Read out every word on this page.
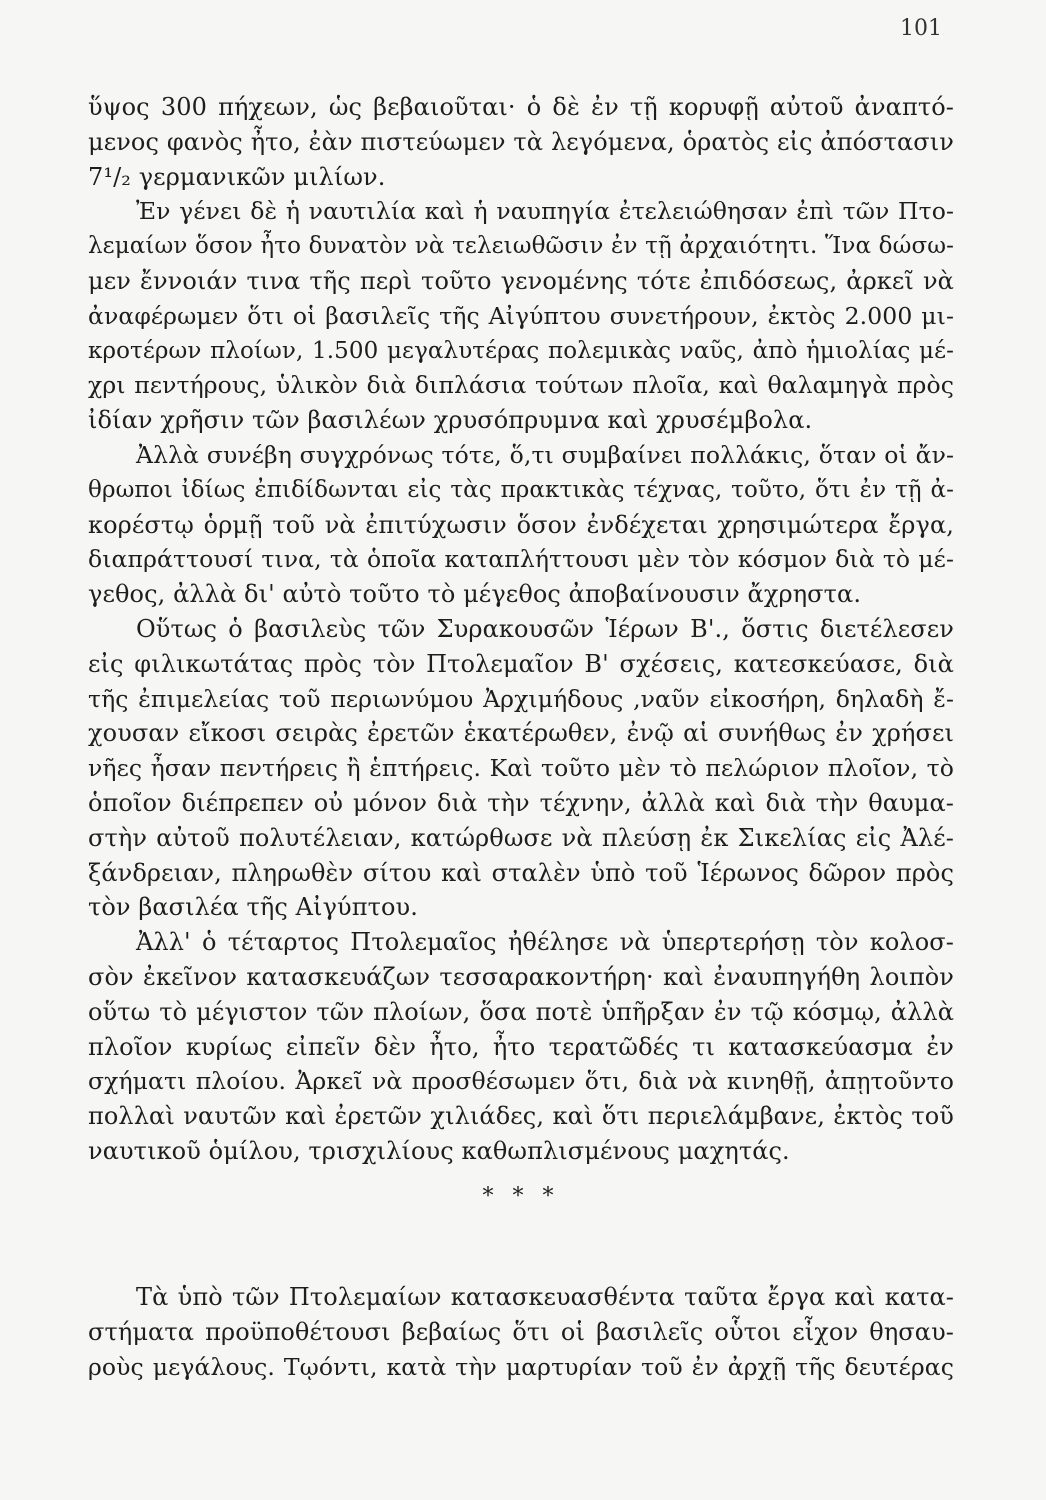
101
ὕψος 300 πήχεων, ὡς βεβαιοῦται· ὁ δὲ ἐν τῇ κορυφῇ αὐτοῦ ἀναπτό-
μενος φανὸς ἦτο, ἐὰν πιστεύωμεν τὰ λεγόμενα, ὁρατὸς εἰς ἀπόστασιν
7¹/₂ γερμανικῶν μιλίων.
Ἐν γένει δὲ ἡ ναυτιλία καὶ ἡ ναυπηγία ἐτελειώθησαν ἐπὶ τῶν Πτο-
λεμαίων ὅσον ἦτο δυνατὸν νὰ τελειωθῶσιν ἐν τῇ ἀρχαιότητι. Ἵνα δώσω-
μεν ἔννοιάν τινα τῆς περὶ τοῦτο γενομένης τότε ἐπιδόσεως, ἀρκεῖ νὰ
ἀναφέρωμεν ὅτι οἱ βασιλεῖς τῆς Αἰγύπτου συνετήρουν, ἐκτὸς 2.000 μι-
κροτέρων πλοίων, 1.500 μεγαλυτέρας πολεμικὰς ναῦς, ἀπὸ ἡμιολίας μέ-
χρι πεντήρους, ὑλικὸν διὰ διπλάσια τούτων πλοῖα, καὶ θαλαμηγὰ πρὸς
ἰδίαν χρῆσιν τῶν βασιλέων χρυσόπρυμνα καὶ χρυσέμβολα.
Ἀλλὰ συνέβη συγχρόνως τότε, ὅ,τι συμβαίνει πολλάκις, ὅταν οἱ ἄν-
θρωποι ἰδίως ἐπιδίδωνται εἰς τὰς πρακτικὰς τέχνας, τοῦτο, ὅτι ἐν τῇ ἀ-
κορέστῳ ὁρμῇ τοῦ νὰ ἐπιτύχωσιν ὅσον ἐνδέχεται χρησιμώτερα ἔργα,
διαπράττουσί τινα, τὰ ὁποῖα καταπλήττουσι μὲν τὸν κόσμον διὰ τὸ μέ-
γεθος, ἀλλὰ δι' αὐτὸ τοῦτο τὸ μέγεθος ἀποβαίνουσιν ἄχρηστα.
Οὕτως ὁ βασιλεὺς τῶν Συρακουσῶν Ἱέρων Β'., ὅστις διετέλεσεν
εἰς φιλικωτάτας πρὸς τὸν Πτολεμαῖον Β' σχέσεις, κατεσκεύασε, διὰ
τῆς ἐπιμελείας τοῦ περιωνύμου Ἀρχιμήδους ,ναῦν εἰκοσήρη, δηλαδὴ ἔ-
χουσαν εἴκοσι σειρὰς ἐρετῶν ἑκατέρωθεν, ἐνῷ αἱ συνήθως ἐν χρήσει
νῆες ἦσαν πεντήρεις ἢ ἑπτήρεις. Καὶ τοῦτο μὲν τὸ πελώριον πλοῖον, τὸ
ὁποῖον διέπρεπεν οὐ μόνον διὰ τὴν τέχνην, ἀλλὰ καὶ διὰ τὴν θαυμα-
στὴν αὐτοῦ πολυτέλειαν, κατώρθωσε νὰ πλεύσῃ ἐκ Σικελίας εἰς Ἀλέ-
ξάνδρειαν, πληρωθὲν σίτου καὶ σταλὲν ὑπὸ τοῦ Ἱέρωνος δῶρον πρὸς
τὸν βασιλέα τῆς Αἰγύπτου.
Ἀλλ' ὁ τέταρτος Πτολεμαῖος ἠθέλησε νὰ ὑπερτερήσῃ τὸν κολοσ-
σὸν ἐκεῖνον κατασκευάζων τεσσαρακοντήρη· καὶ ἐναυπηγήθη λοιπὸν
οὕτω τὸ μέγιστον τῶν πλοίων, ὅσα ποτὲ ὑπῆρξαν ἐν τῷ κόσμῳ, ἀλλὰ
πλοῖον κυρίως εἰπεῖν δὲν ἦτο, ἦτο τερατῶδές τι κατασκεύασμα ἐν
σχήματι πλοίου. Ἀρκεῖ νὰ προσθέσωμεν ὅτι, διὰ νὰ κινηθῇ, ἀπῃτοῦντο
πολλαὶ ναυτῶν καὶ ἐρετῶν χιλιάδες, καὶ ὅτι περιελάμβανε, ἐκτὸς τοῦ
ναυτικοῦ ὁμίλου, τρισχιλίους καθωπλισμένους μαχητάς.
* * *
Τὰ ὑπὸ τῶν Πτολεμαίων κατασκευασθέντα ταῦτα ἔργα καὶ κατα-
στήματα προϋποθέτουσι βεβαίως ὅτι οἱ βασιλεῖς οὗτοι εἶχον θησαυ-
ροὺς μεγάλους. Τῳόντι, κατὰ τὴν μαρτυρίαν τοῦ ἐν ἀρχῇ τῆς δευτέρας
